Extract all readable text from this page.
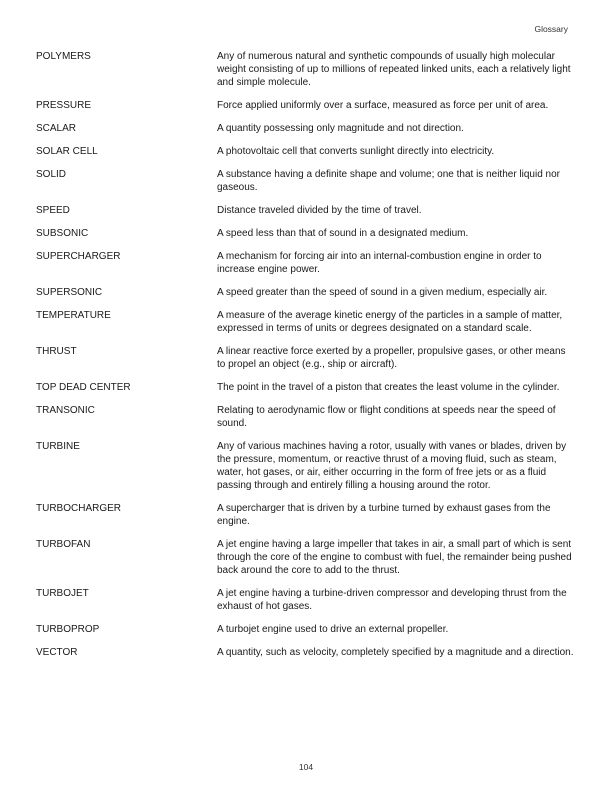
Glossary
POLYMERS	Any of numerous natural and synthetic compounds of usually high molecular weight consisting of up to millions of repeated linked units, each a relatively light and simple molecule.
PRESSURE	Force applied uniformly over a surface, measured as force per unit of area.
SCALAR	A quantity possessing only magnitude and not direction.
SOLAR CELL	A photovoltaic cell that converts sunlight directly into electricity.
SOLID	A substance having a definite shape and volume; one that is neither liquid nor gaseous.
SPEED	Distance traveled divided by the time of travel.
SUBSONIC	A speed less than that of sound in a designated medium.
SUPERCHARGER	A mechanism for forcing air into an internal-combustion engine in order to increase engine power.
SUPERSONIC	A speed greater than the speed of sound in a given medium, especially air.
TEMPERATURE	A measure of the average kinetic energy of the particles in a sample of matter, expressed in terms of units or degrees designated on a standard scale.
THRUST	A linear reactive force exerted by a propeller, propulsive gases, or other means to propel an object (e.g., ship or aircraft).
TOP DEAD CENTER	The point in the travel of a piston that creates the least volume in the cylinder.
TRANSONIC	Relating to aerodynamic flow or flight conditions at speeds near the speed of sound.
TURBINE	Any of various machines having a rotor, usually with vanes or blades, driven by the pressure, momentum, or reactive thrust of a moving fluid, such as steam, water, hot gases, or air, either occurring in the form of free jets or as a fluid passing through and entirely filling a housing around the rotor.
TURBOCHARGER	A supercharger that is driven by a turbine turned by exhaust gases from the engine.
TURBOFAN	A jet engine having a large impeller that takes in air, a small part of which is sent through the core of the engine to combust with fuel, the remainder being pushed back around the core to add to the thrust.
TURBOJET	A jet engine having a turbine-driven compressor and developing thrust from the exhaust of hot gases.
TURBOPROP	A turbojet engine used to drive an external propeller.
VECTOR	A quantity, such as velocity, completely specified by a magnitude and a direction.
104
